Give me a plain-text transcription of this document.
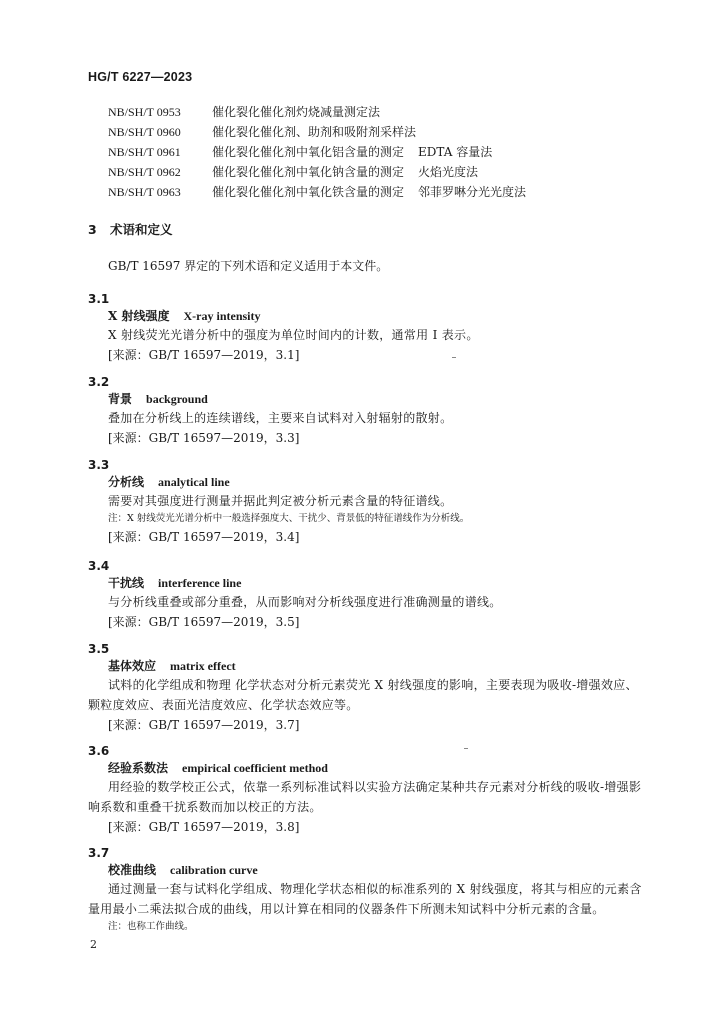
HG/T 6227—2023
NB/SH/T 0953	催化裂化催化剂灼烧减量测定法
NB/SH/T 0960	催化裂化催化剂、助剂和吸附剂采样法
NB/SH/T 0961	催化裂化催化剂中氧化铝含量的测定 EDTA 容量法
NB/SH/T 0962	催化裂化催化剂中氧化钠含量的测定 火焰光度法
NB/SH/T 0963	催化裂化催化剂中氧化铁含量的测定 邻菲罗啉分光光度法
3 术语和定义
GB/T 16597 界定的下列术语和定义适用于本文件。
3.1
X 射线强度 X-ray intensity

X 射线荧光光谱分析中的强度为单位时间内的计数，通常用 I 表示。

[来源：GB/T 16597—2019，3.1]
3.2
背景 background

叠加在分析线上的连续谱线，主要来自试料对入射辐射的散射。

[来源：GB/T 16597—2019，3.3]
3.3
分析线 analytical line

需要对其强度进行测量并据此判定被分析元素含量的特征谱线。

注：X 射线荧光光谱分析中一般选择强度大、干扰少、背景低的特征谱线作为分析线。
[来源：GB/T 16597—2019，3.4]
3.4
干扰线 interference line

与分析线重叠或部分重叠，从而影响对分析线强度进行准确测量的谱线。

[来源：GB/T 16597—2019，3.5]
3.5
基体效应 matrix effect

试料的化学组成和物理 化学状态对分析元素荧光 X 射线强度的影响，主要表现为吸收-增强效应、颗粒度效应、表面光洁度效应、化学状态效应等。

[来源：GB/T 16597—2019，3.7]
3.6
经验系数法 empirical coefficient method

用经验的数学校正公式，依靠一系列标准试料以实验方法确定某种共存元素对分析线的吸收-增强影响系数和重叠干扰系数而加以校正的方法。

[来源：GB/T 16597—2019，3.8]
3.7
校准曲线 calibration curve

通过测量一套与试料化学组成、物理化学状态相似的标准系列的 X 射线强度，将其与相应的元素含量用最小二乘法拟合成的曲线，用以计算在相同的仪器条件下所测未知试料中分析元素的含量。

注：也称工作曲线。
2
